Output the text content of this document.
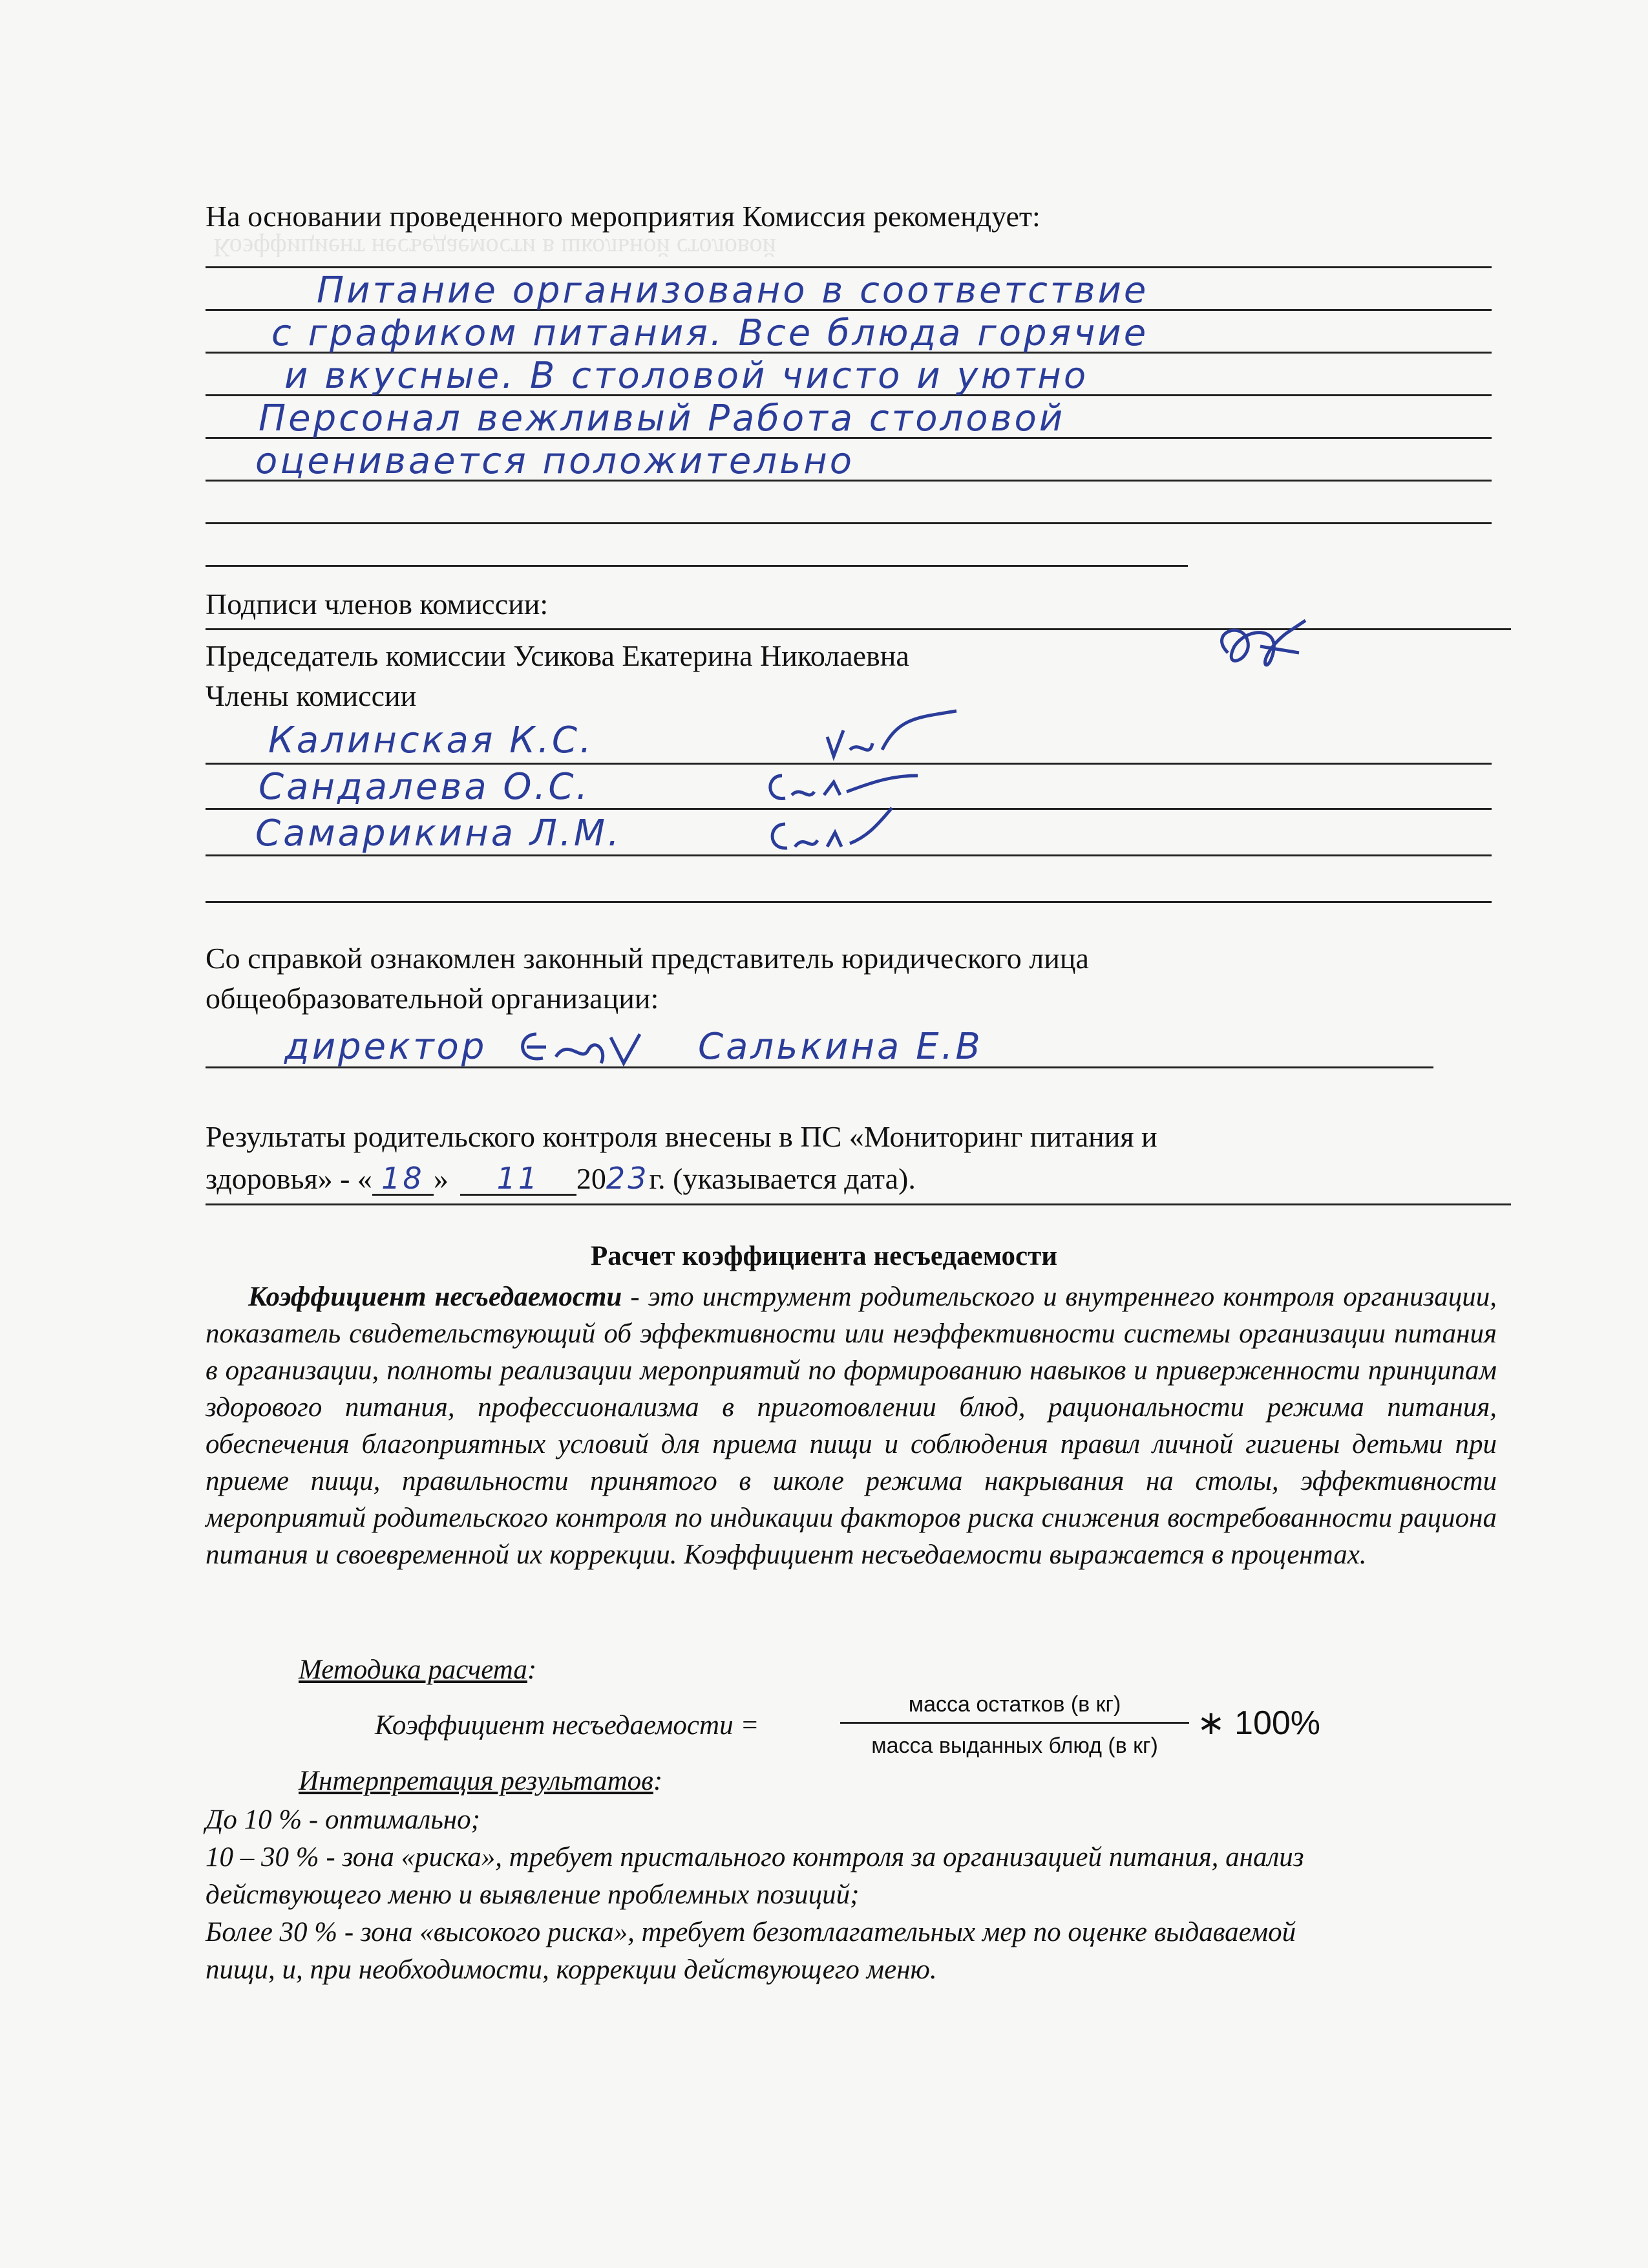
Коэффициент несъедаемости в школьной столовой
На основании проведенного мероприятия Комиссия рекомендует:
Питание организовано в соответствие
с графиком питания. Все блюда горячие
и вкусные. В столовой чисто и уютно
Персонал вежливый Работа столовой
оценивается положительно
Подписи членов комиссии:
Председатель комиссии Усикова Екатерина Николаевна
Члены комиссии
Калинская К.С.
Сандалева О.С.
Самарикина Л.М.
Со справкой ознакомлен законный представитель юридического лица
общеобразовательной организации:
директор	Салькина Е.В
Результаты родительского контроля внесены в ПС «Мониторинг питания и
здоровья» - « 18 » 11 2023г. (указывается дата).
Расчет коэффициента несъедаемости
Коэффициент несъедаемости - это инструмент родительского и внутреннего контроля организации, показатель свидетельствующий об эффективности или неэффективности системы организации питания в организации, полноты реализации мероприятий по формированию навыков и приверженности принципам здорового питания, профессионализма в приготовлении блюд, рациональности режима питания, обеспечения благоприятных условий для приема пищи и соблюдения правил личной гигиены детьми при приеме пищи, правильности принятого в школе режима накрывания на столы, эффективности мероприятий родительского контроля по индикации факторов риска снижения востребованности рациона питания и своевременной их коррекции. Коэффициент несъедаемости выражается в процентах.
Методика расчета:
Коэффициент несъедаемости =
масса остатков (в кг)
масса выданных блюд (в кг)
∗ 100%
Интерпретация результатов:
До 10 % - оптимально;
10 – 30 % - зона «риска», требует пристального контроля за организацией питания, анализ
действующего меню и выявление проблемных позиций;
Более 30 % - зона «высокого риска», требует безотлагательных мер по оценке выдаваемой
пищи, и, при необходимости, коррекции действующего меню.
